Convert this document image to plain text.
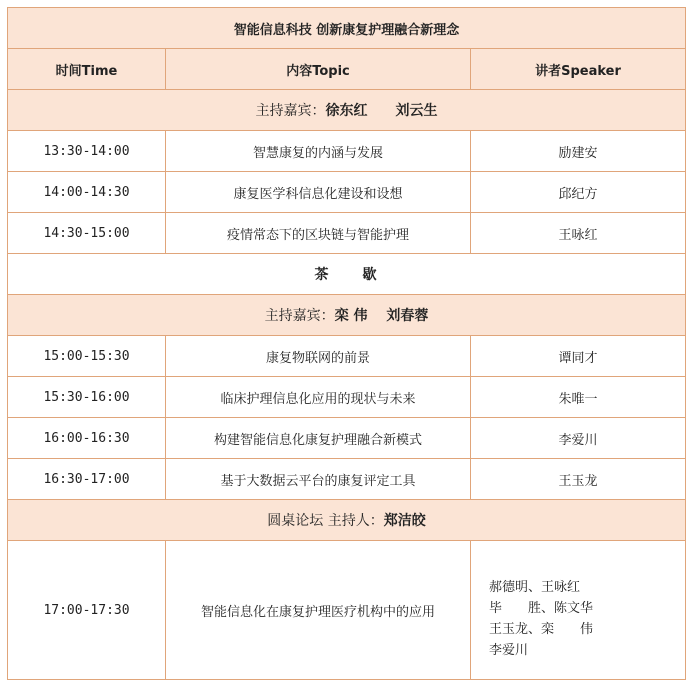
智能信息科技 创新康复护理融合新理念		
时间Time	内容Topic	讲者Speaker
主持嘉宾：徐东红　　刘云生		
13:30-14:00	智慧康复的内涵与发展	励建安
14:00-14:30	康复医学科信息化建设和设想	邱纪方
14:30-15:00	疫情常态下的区块链与智能护理	王咏红
茶　　歇		
主持嘉宾：栾 伟　 刘春蓉		
15:00-15:30	康复物联网的前景	谭同才
15:30-16:00	临床护理信息化应用的现状与未来	朱唯一
16:00-16:30	构建智能信息化康复护理融合新模式	李爱川
16:30-17:00	基于大数据云平台的康复评定工具	王玉龙
圆桌论坛 主持人：郑洁皎		
17:00-17:30	智能信息化在康复护理医疗机构中的应用	郝德明、王咏红
毕　　胜、陈文华
王玉龙、栾　　伟
李爱川
